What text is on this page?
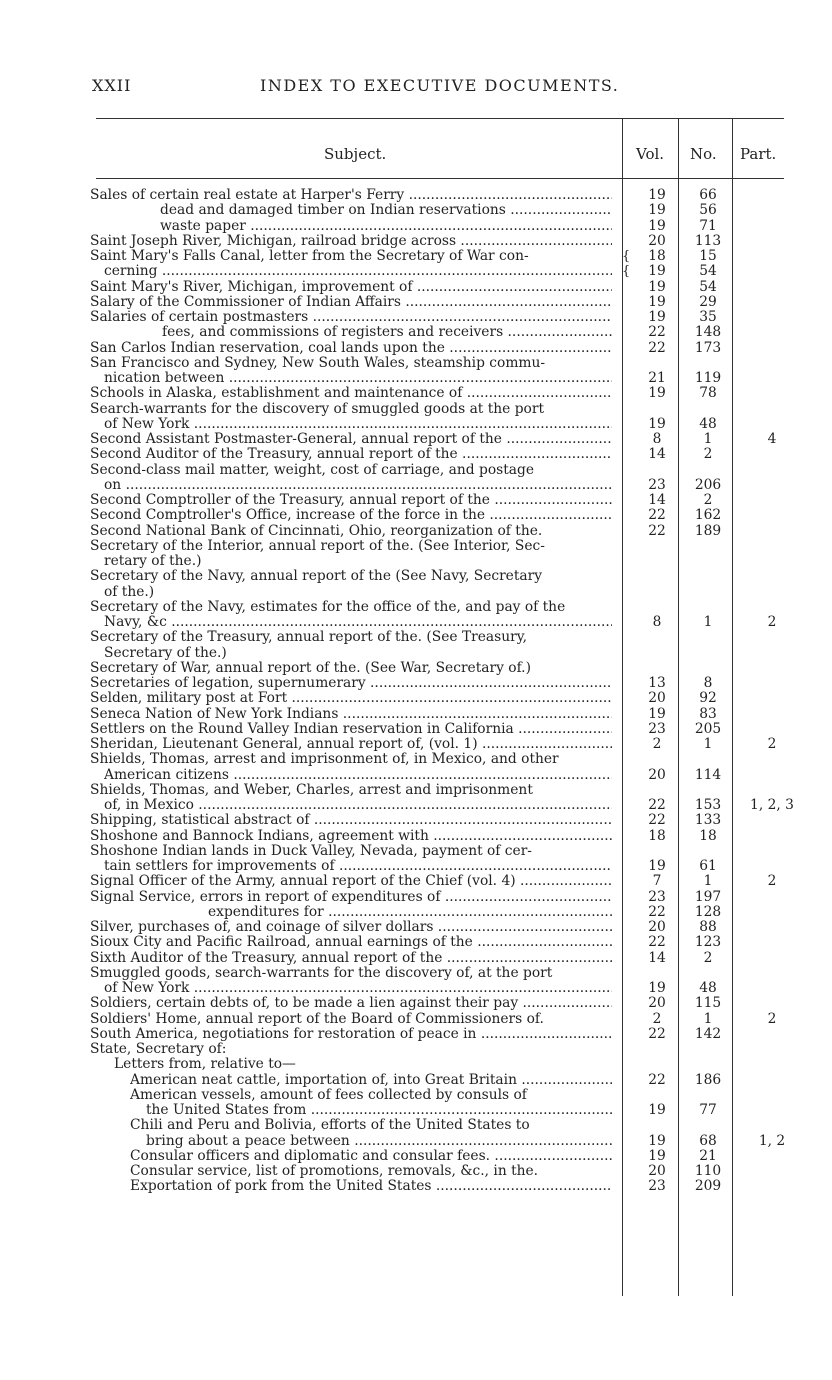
XXII	INDEX TO EXECUTIVE DOCUMENTS.
Subject.	Vol. No. Part.
Sales of certain real estate at Harper's Ferry .....	19	66
dead and damaged timber on Indian reservations .....	19	56
waste paper .....	19	71
Saint Joseph River, Michigan, railroad bridge across .....	20	113
Saint Mary's Falls Canal, letter from the Secretary of War con-	{	18	15
cerning .....	{	19	54
Saint Mary's River, Michigan, improvement of .....	19	54
Salary of the Commissioner of Indian Affairs .....	19	29
Salaries of certain postmasters .....	19	35
fees, and commissions of registers and receivers .....	22	148
San Carlos Indian reservation, coal lands upon the .....	22	173
San Francisco and Sydney, New South Wales, steamship commu-
nication between .....	21	119
Schools in Alaska, establishment and maintenance of .....	19	78
Search-warrants for the discovery of smuggled goods at the port
of New York .....	19	48
Second Assistant Postmaster-General, annual report of the .....	8	1	4
Second Auditor of the Treasury, annual report of the .....	14	2
Second-class mail matter, weight, cost of carriage, and postage
on .....	23	206
Second Comptroller of the Treasury, annual report of the .....	14	2
Second Comptroller's Office, increase of the force in the .....	22	162
Second National Bank of Cincinnati, Ohio, reorganization of the.	22	189
Secretary of the Interior, annual report of the. (See Interior, Sec-
retary of the.)
Secretary of the Navy, annual report of the (See Navy, Secretary
of the.)
Secretary of the Navy, estimates for the office of the, and pay of the
Navy, &c .....	8	1	2
Secretary of the Treasury, annual report of the. (See Treasury,
Secretary of the.)
Secretary of War, annual report of the. (See War, Secretary of.)
Secretaries of legation, supernumerary .....	13	8
Selden, military post at Fort .....	20	92
Seneca Nation of New York Indians .....	19	83
Settlers on the Round Valley Indian reservation in California .....	23	205
Sheridan, Lieutenant General, annual report of, (vol. 1) .....	2	1	2
Shields, Thomas, arrest and imprisonment of, in Mexico, and other
American citizens .....	20	114
Shields, Thomas, and Weber, Charles, arrest and imprisonment
of, in Mexico .....	22	153	1, 2, 3
Shipping, statistical abstract of .....	22	133
Shoshone and Bannock Indians, agreement with .....	18	18
Shoshone Indian lands in Duck Valley, Nevada, payment of cer-
tain settlers for improvements of .....	19	61
Signal Officer of the Army, annual report of the Chief (vol. 4) .....	7	1	2
Signal Service, errors in report of expenditures of .....	23	197
expenditures for .....	22	128
Silver, purchases of, and coinage of silver dollars .....	20	88
Sioux City and Pacific Railroad, annual earnings of the .....	22	123
Sixth Auditor of the Treasury, annual report of the .....	14	2
Smuggled goods, search-warrants for the discovery of, at the port
of New York .....	19	48
Soldiers, certain debts of, to be made a lien against their pay .....	20	115
Soldiers' Home, annual report of the Board of Commissioners of.	2	1	2
South America, negotiations for restoration of peace in .....	22	142
State, Secretary of:
Letters from, relative to—
American neat cattle, importation of, into Great Britain .....	22	186
American vessels, amount of fees collected by consuls of
the United States from .....	19	77
Chili and Peru and Bolivia, efforts of the United States to
bring about a peace between .....	19	68	1, 2
Consular officers and diplomatic and consular fees. .....	19	21
Consular service, list of promotions, removals, &c., in the.	20	110
Exportation of pork from the United States .....	23	209
